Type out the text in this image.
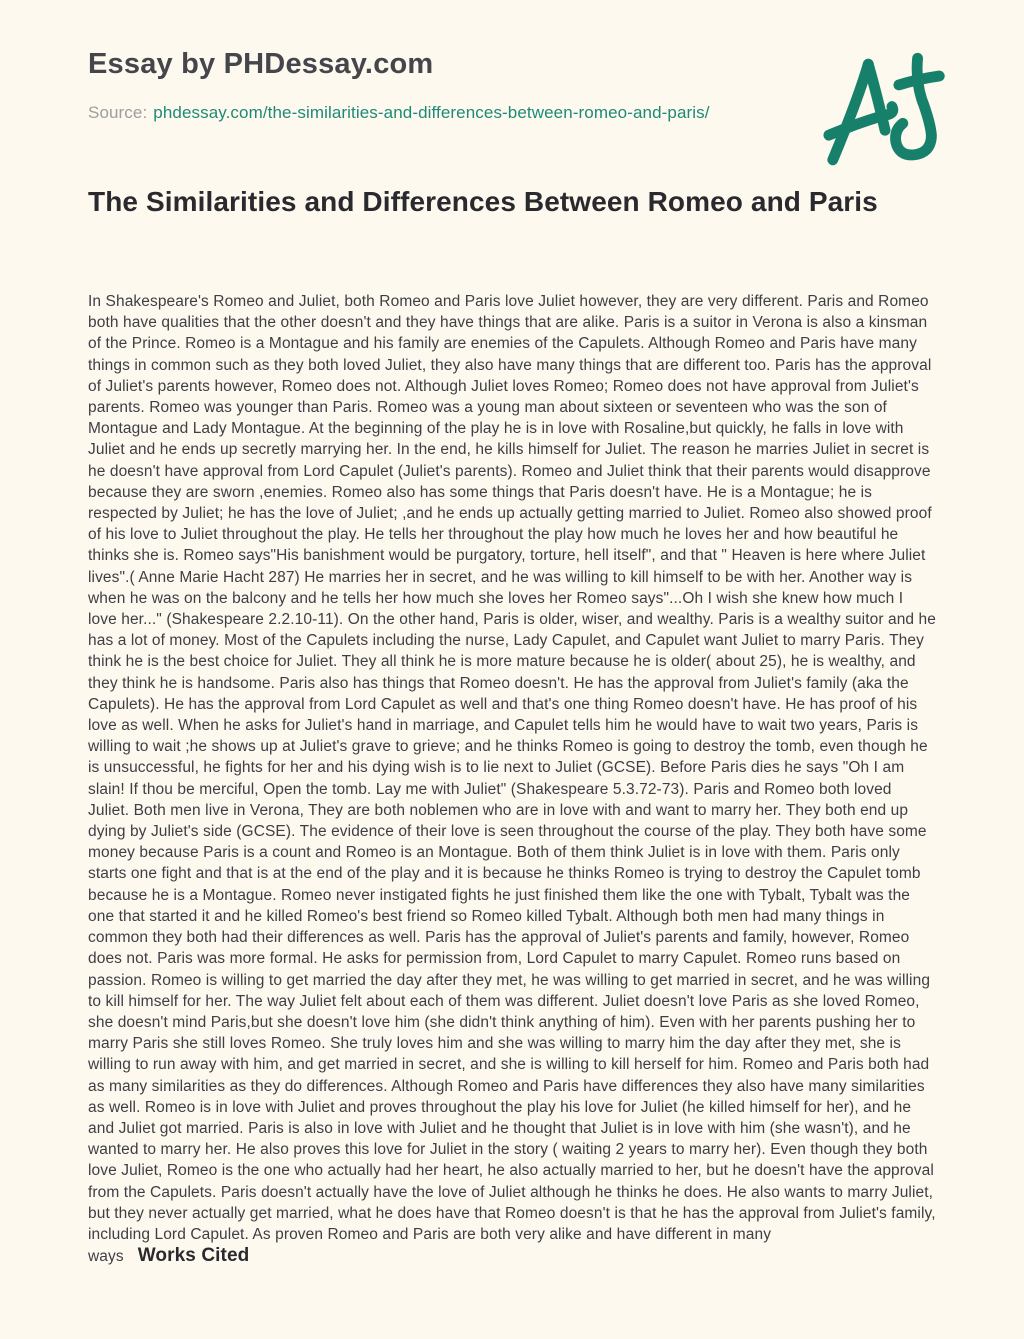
Essay by PHDessay.com
Source: phdessay.com/the-similarities-and-differences-between-romeo-and-paris/
The Similarities and Differences Between Romeo and Paris

In Shakespeare's Romeo and Juliet, both Romeo and Paris love Juliet however, they are very different. Paris and Romeo both have qualities that the other doesn't and they have things that are alike. Paris is a suitor in Verona is also a kinsman of the Prince. Romeo is a Montague and his family are enemies of the Capulets. Although Romeo and Paris have many things in common such as they both loved Juliet, they also have many things that are different too. Paris has the approval of Juliet's parents however, Romeo does not. Although Juliet loves Romeo; Romeo does not have approval from Juliet's parents. Romeo was younger than Paris. Romeo was a young man about sixteen or seventeen who was the son of Montague and Lady Montague. At the beginning of the play he is in love with Rosaline,but quickly, he falls in love with Juliet and he ends up secretly marrying her. In the end, he kills himself for Juliet. The reason he marries Juliet in secret is he doesn't have approval from Lord Capulet (Juliet's parents). Romeo and Juliet think that their parents would disapprove because they are sworn ,enemies. Romeo also has some things that Paris doesn't have. He is a Montague; he is respected by Juliet; he has the love of Juliet; ,and he ends up actually getting married to Juliet. Romeo also showed proof of his love to Juliet throughout the play. He tells her throughout the play how much he loves her and how beautiful he thinks she is. Romeo says"His banishment would be purgatory, torture, hell itself", and that " Heaven is here where Juliet lives".( Anne Marie Hacht 287) He marries her in secret, and he was willing to kill himself to be with her. Another way is when he was on the balcony and he tells her how much she loves her Romeo says"...Oh I wish she knew how much I love her..." (Shakespeare 2.2.10-11). On the other hand, Paris is older, wiser, and wealthy. Paris is a wealthy suitor and he has a lot of money. Most of the Capulets including the nurse, Lady Capulet, and Capulet want Juliet to marry Paris. They think he is the best choice for Juliet. They all think he is more mature because he is older( about 25), he is wealthy, and they think he is handsome. Paris also has things that Romeo doesn't. He has the approval from Juliet's family (aka the Capulets). He has the approval from Lord Capulet as well and that's one thing Romeo doesn't have. He has proof of his love as well. When he asks for Juliet's hand in marriage, and Capulet tells him he would have to wait two years, Paris is willing to wait ;he shows up at Juliet's grave to grieve; and he thinks Romeo is going to destroy the tomb, even though he is unsuccessful, he fights for her and his dying wish is to lie next to Juliet (GCSE). Before Paris dies he says "Oh I am slain! If thou be merciful, Open the tomb. Lay me with Juliet" (Shakespeare 5.3.72-73). Paris and Romeo both loved Juliet. Both men live in Verona, They are both noblemen who are in love with and want to marry her. They both end up dying by Juliet's side (GCSE). The evidence of their love is seen throughout the course of the play. They both have some money because Paris is a count and Romeo is an Montague. Both of them think Juliet is in love with them. Paris only starts one fight and that is at the end of the play and it is because he thinks Romeo is trying to destroy the Capulet tomb because he is a Montague. Romeo never instigated fights he just finished them like the one with Tybalt, Tybalt was the one that started it and he killed Romeo's best friend so Romeo killed Tybalt. Although both men had many things in common they both had their differences as well. Paris has the approval of Juliet's parents and family, however, Romeo does not. Paris was more formal. He asks for permission from, Lord Capulet to marry Capulet. Romeo runs based on passion. Romeo is willing to get married the day after they met, he was willing to get married in secret, and he was willing to kill himself for her. The way Juliet felt about each of them was different. Juliet doesn't love Paris as she loved Romeo, she doesn't mind Paris,but she doesn't love him (she didn't think anything of him). Even with her parents pushing her to marry Paris she still loves Romeo. She truly loves him and she was willing to marry him the day after they met, she is willing to run away with him, and get married in secret, and she is willing to kill herself for him. Romeo and Paris both had as many similarities as they do differences. Although Romeo and Paris have differences they also have many similarities as well. Romeo is in love with Juliet and proves throughout the play his love for Juliet (he killed himself for her), and he and Juliet got married. Paris is also in love with Juliet and he thought that Juliet is in love with him (she wasn't), and he wanted to marry her. He also proves this love for Juliet in the story ( waiting 2 years to marry her). Even though they both love Juliet, Romeo is the one who actually had her heart, he also actually married to her, but he doesn't have the approval from the Capulets. Paris doesn't actually have the love of Juliet although he thinks he does. He also wants to marry Juliet, but they never actually get married, what he does have that Romeo doesn't is that he has the approval from Juliet's family, including Lord Capulet. As proven Romeo and Paris are both very alike and have different in many ways Works Cited
